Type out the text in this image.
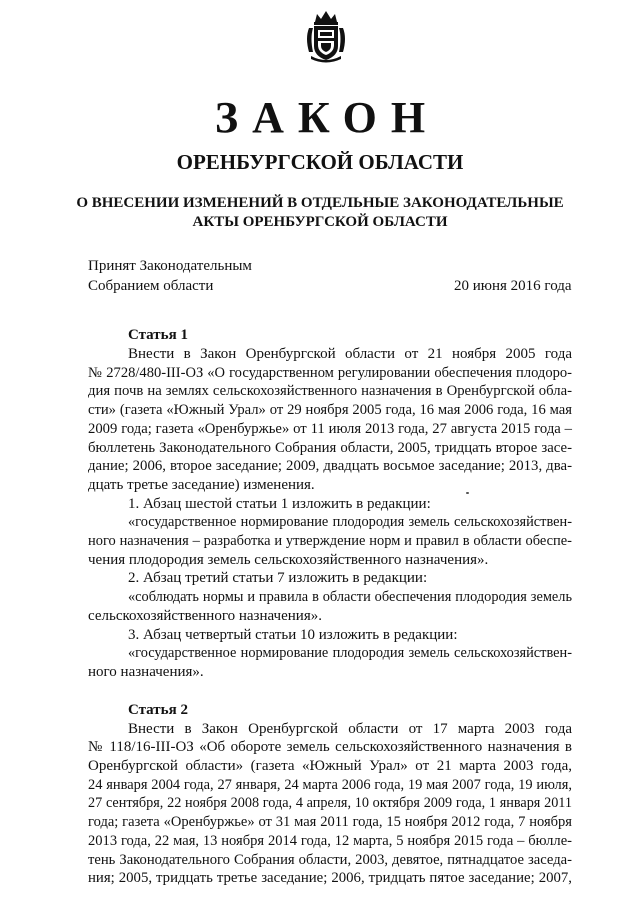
ЗАКОН
ОРЕНБУРГСКОЙ ОБЛАСТИ
О ВНЕСЕНИИ ИЗМЕНЕНИЙ В ОТДЕЛЬНЫЕ ЗАКОНОДАТЕЛЬНЫЕ
АКТЫ ОРЕНБУРГСКОЙ ОБЛАСТИ
Принят Законодательным
Собранием области	20 июня 2016 года
Статья 1
Внести в Закон Оренбургской области от 21 ноября 2005 года
№ 2728/480-III-ОЗ «О государственном регулировании обеспечения плодоро-
дия почв на землях сельскохозяйственного назначения в Оренбургской обла-
сти» (газета «Южный Урал» от 29 ноября 2005 года, 16 мая 2006 года, 16 мая
2009 года; газета «Оренбуржье» от 11 июля 2013 года, 27 августа 2015 года –
бюллетень Законодательного Собрания области, 2005, тридцать второе засе-
дание; 2006, второе заседание; 2009, двадцать восьмое заседание; 2013, два-
дцать третье заседание) изменения.
1. Абзац шестой статьи 1 изложить в редакции:
«государственное нормирование плодородия земель сельскохозяйствен-
ного назначения – разработка и утверждение норм и правил в области обеспе-
чения плодородия земель сельскохозяйственного назначения».
2. Абзац третий статьи 7 изложить в редакции:
«соблюдать нормы и правила в области обеспечения плодородия земель
сельскохозяйственного назначения».
3. Абзац четвертый статьи 10 изложить в редакции:
«государственное нормирование плодородия земель сельскохозяйствен-
ного назначения».
Статья 2
Внести в Закон Оренбургской области от 17 марта 2003 года
№ 118/16-III-ОЗ «Об обороте земель сельскохозяйственного назначения в
Оренбургской области» (газета «Южный Урал» от 21 марта 2003 года,
24 января 2004 года, 27 января, 24 марта 2006 года, 19 мая 2007 года, 19 июля,
27 сентября, 22 ноября 2008 года, 4 апреля, 10 октября 2009 года, 1 января 2011
года; газета «Оренбуржье» от 31 мая 2011 года, 15 ноября 2012 года, 7 ноября
2013 года, 22 мая, 13 ноября 2014 года, 12 марта, 5 ноября 2015 года – бюлле-
тень Законодательного Собрания области, 2003, девятое, пятнадцатое заседа-
ния; 2005, тридцать третье заседание; 2006, тридцать пятое заседание; 2007,
